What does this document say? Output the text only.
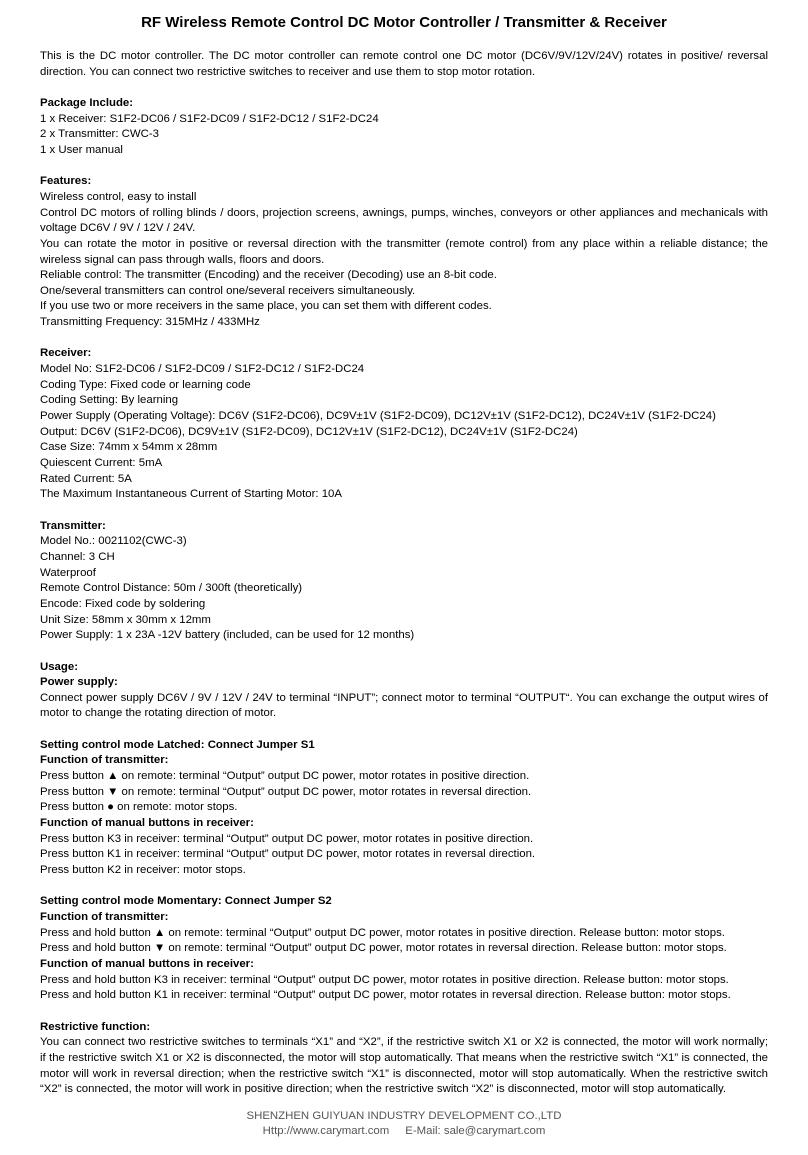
RF Wireless Remote Control DC Motor Controller / Transmitter & Receiver
This is the DC motor controller. The DC motor controller can remote control one DC motor (DC6V/9V/12V/24V) rotates in positive/ reversal direction. You can connect two restrictive switches to receiver and use them to stop motor rotation.
Package Include:
1 x Receiver: S1F2-DC06 / S1F2-DC09 / S1F2-DC12 / S1F2-DC24
2 x Transmitter: CWC-3
1 x User manual
Features:
Wireless control, easy to install
Control DC motors of rolling blinds / doors, projection screens, awnings, pumps, winches, conveyors or other appliances and mechanicals with voltage DC6V / 9V / 12V / 24V.
You can rotate the motor in positive or reversal direction with the transmitter (remote control) from any place within a reliable distance; the wireless signal can pass through walls, floors and doors.
Reliable control: The transmitter (Encoding) and the receiver (Decoding) use an 8-bit code.
One/several transmitters can control one/several receivers simultaneously.
If you use two or more receivers in the same place, you can set them with different codes.
Transmitting Frequency: 315MHz / 433MHz
Receiver:
Model No: S1F2-DC06 / S1F2-DC09 / S1F2-DC12 / S1F2-DC24
Coding Type: Fixed code or learning code
Coding Setting: By learning
Power Supply (Operating Voltage): DC6V (S1F2-DC06), DC9V±1V (S1F2-DC09), DC12V±1V (S1F2-DC12), DC24V±1V (S1F2-DC24)
Output: DC6V (S1F2-DC06), DC9V±1V (S1F2-DC09), DC12V±1V (S1F2-DC12), DC24V±1V (S1F2-DC24)
Case Size: 74mm x 54mm x 28mm
Quiescent Current: 5mA
Rated Current: 5A
The Maximum Instantaneous Current of Starting Motor: 10A
Transmitter:
Model No.: 0021102(CWC-3)
Channel: 3 CH
Waterproof
Remote Control Distance: 50m / 300ft (theoretically)
Encode: Fixed code by soldering
Unit Size: 58mm x 30mm x 12mm
Power Supply: 1 x 23A -12V battery (included, can be used for 12 months)
Usage:
Power supply:
Connect power supply DC6V / 9V / 12V / 24V to terminal “INPUT”; connect motor to terminal “OUTPUT“. You can exchange the output wires of motor to change the rotating direction of motor.
Setting control mode Latched: Connect Jumper S1
Function of transmitter:
Press button ▲ on remote: terminal “Output” output DC power, motor rotates in positive direction.
Press button ▼ on remote: terminal “Output” output DC power, motor rotates in reversal direction.
Press button ● on remote: motor stops.
Function of manual buttons in receiver:
Press button K3 in receiver: terminal “Output” output DC power, motor rotates in positive direction.
Press button K1 in receiver: terminal “Output” output DC power, motor rotates in reversal direction.
Press button K2 in receiver: motor stops.
Setting control mode Momentary: Connect Jumper S2
Function of transmitter:
Press and hold button ▲ on remote: terminal “Output” output DC power, motor rotates in positive direction. Release button: motor stops.
Press and hold button ▼ on remote: terminal “Output” output DC power, motor rotates in reversal direction. Release button: motor stops.
Function of manual buttons in receiver:
Press and hold button K3 in receiver: terminal “Output” output DC power, motor rotates in positive direction. Release button: motor stops.
Press and hold button K1 in receiver: terminal “Output” output DC power, motor rotates in reversal direction. Release button: motor stops.
Restrictive function:
You can connect two restrictive switches to terminals “X1” and “X2”, if the restrictive switch X1 or X2 is connected, the motor will work normally; if the restrictive switch X1 or X2 is disconnected, the motor will stop automatically. That means when the restrictive switch “X1” is connected, the motor will work in reversal direction; when the restrictive switch “X1” is disconnected, motor will stop automatically. When the restrictive switch “X2” is connected, the motor will work in positive direction; when the restrictive switch “X2” is disconnected, motor will stop automatically.
SHENZHEN GUIYUAN INDUSTRY DEVELOPMENT CO.,LTD
Http://www.carymart.com E-Mail: sale@carymart.com
